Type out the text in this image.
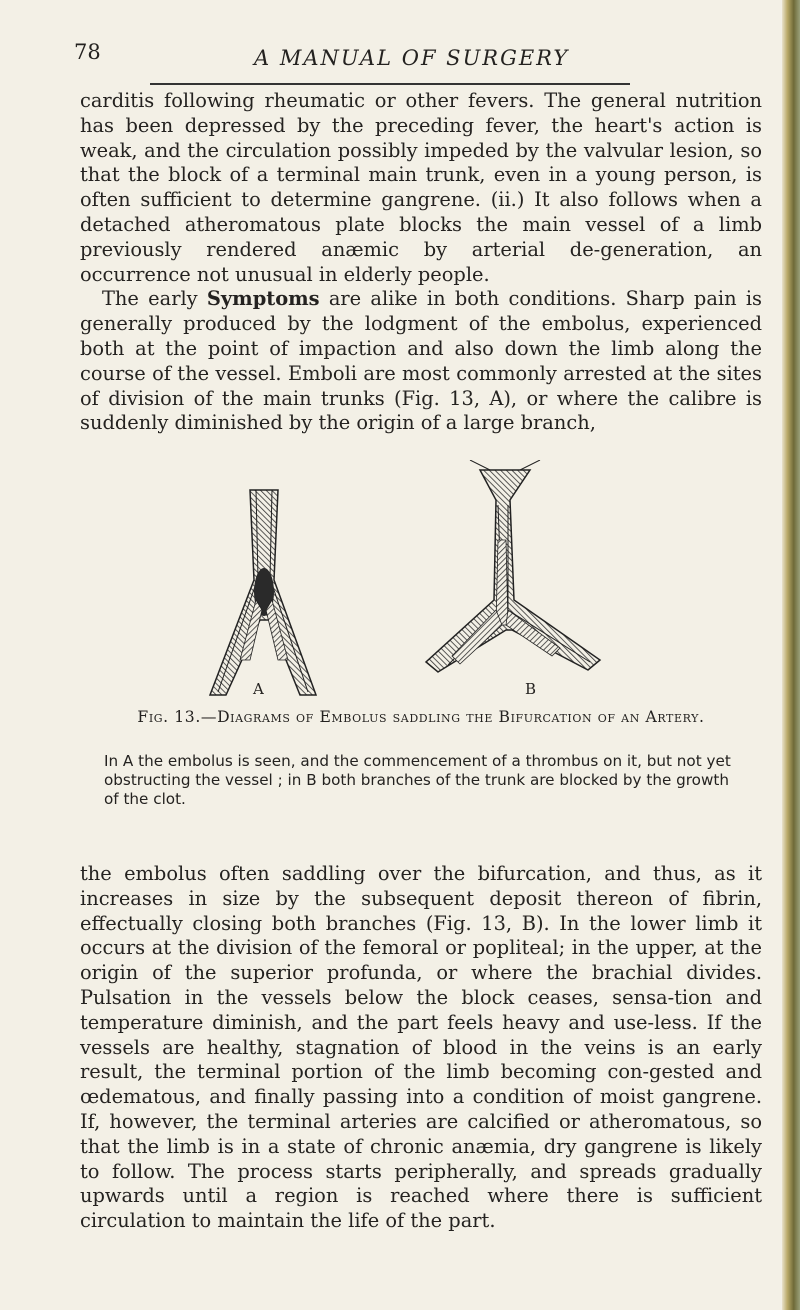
78	A MANUAL OF SURGERY
carditis following rheumatic or other fevers. The general nutrition has been depressed by the preceding fever, the heart's action is weak, and the circulation possibly impeded by the valvular lesion, so that the block of a terminal main trunk, even in a young person, is often sufficient to determine gangrene. (ii.) It also follows when a detached atheromatous plate blocks the main vessel of a limb previously rendered anæmic by arterial de-generation, an occurrence not unusual in elderly people.
The early Symptoms are alike in both conditions. Sharp pain is generally produced by the lodgment of the embolus, experienced both at the point of impaction and also down the limb along the course of the vessel. Emboli are most commonly arrested at the sites of division of the main trunks (Fig. 13, A), or where the calibre is suddenly diminished by the origin of a large branch,
A	B
Fig. 13.—Diagrams of Embolus saddling the Bifurcation of an Artery.
In A the embolus is seen, and the commencement of a thrombus on it, but not yet obstructing the vessel ; in B both branches of the trunk are blocked by the growth of the clot.
the embolus often saddling over the bifurcation, and thus, as it increases in size by the subsequent deposit thereon of fibrin, effectually closing both branches (Fig. 13, B). In the lower limb it occurs at the division of the femoral or popliteal; in the upper, at the origin of the superior profunda, or where the brachial divides. Pulsation in the vessels below the block ceases, sensa-tion and temperature diminish, and the part feels heavy and use-less. If the vessels are healthy, stagnation of blood in the veins is an early result, the terminal portion of the limb becoming con-gested and œdematous, and finally passing into a condition of moist gangrene. If, however, the terminal arteries are calcified or atheromatous, so that the limb is in a state of chronic anæmia, dry gangrene is likely to follow. The process starts peripherally, and spreads gradually upwards until a region is reached where there is sufficient circulation to maintain the life of the part.
